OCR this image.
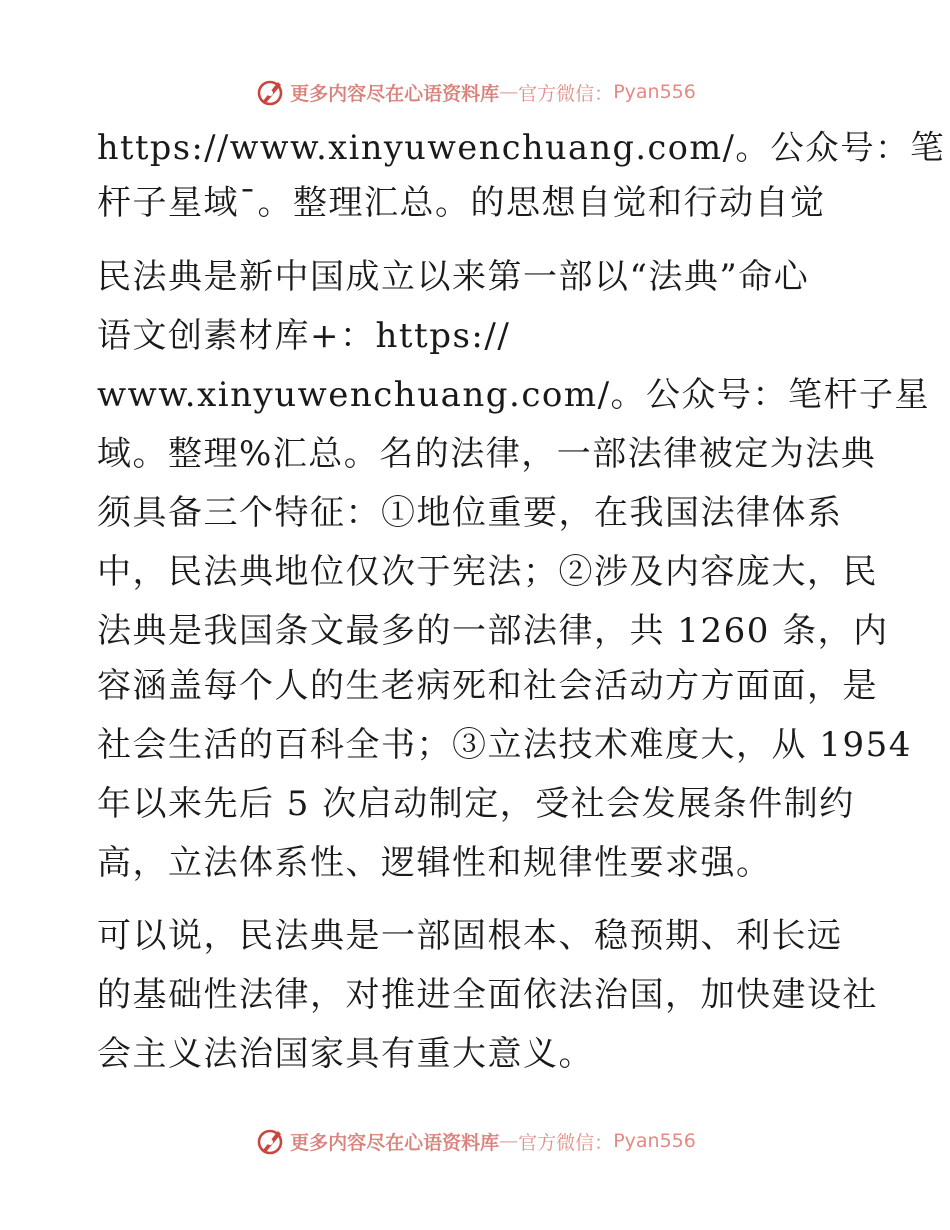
更多内容尽在心语资料库 — 官方微信： Pyan556
https://www.xinyuwenchuang.com/。公众号：笔
杆子星域¯。整理汇总。的思想自觉和行动自觉
民法典是新中国成立以来第一部以“法典”命心
语文创素材库+：https://
www.xinyuwenchuang.com/。公众号：笔杆子星
域。整理%汇总。名的法律，一部法律被定为法典
须具备三个特征：①地位重要，在我国法律体系
中，民法典地位仅次于宪法；②涉及内容庞大，民
法典是我国条文最多的一部法律，共 1260 条，内
容涵盖每个人的生老病死和社会活动方方面面，是
社会生活的百科全书；③立法技术难度大，从 1954
年以来先后 5 次启动制定，受社会发展条件制约
高，立法体系性、逻辑性和规律性要求强。
可以说，民法典是一部固根本、稳预期、利长远
的基础性法律，对推进全面依法治国，加快建设社
会主义法治国家具有重大意义。
更多内容尽在心语资料库 — 官方微信： Pyan556
